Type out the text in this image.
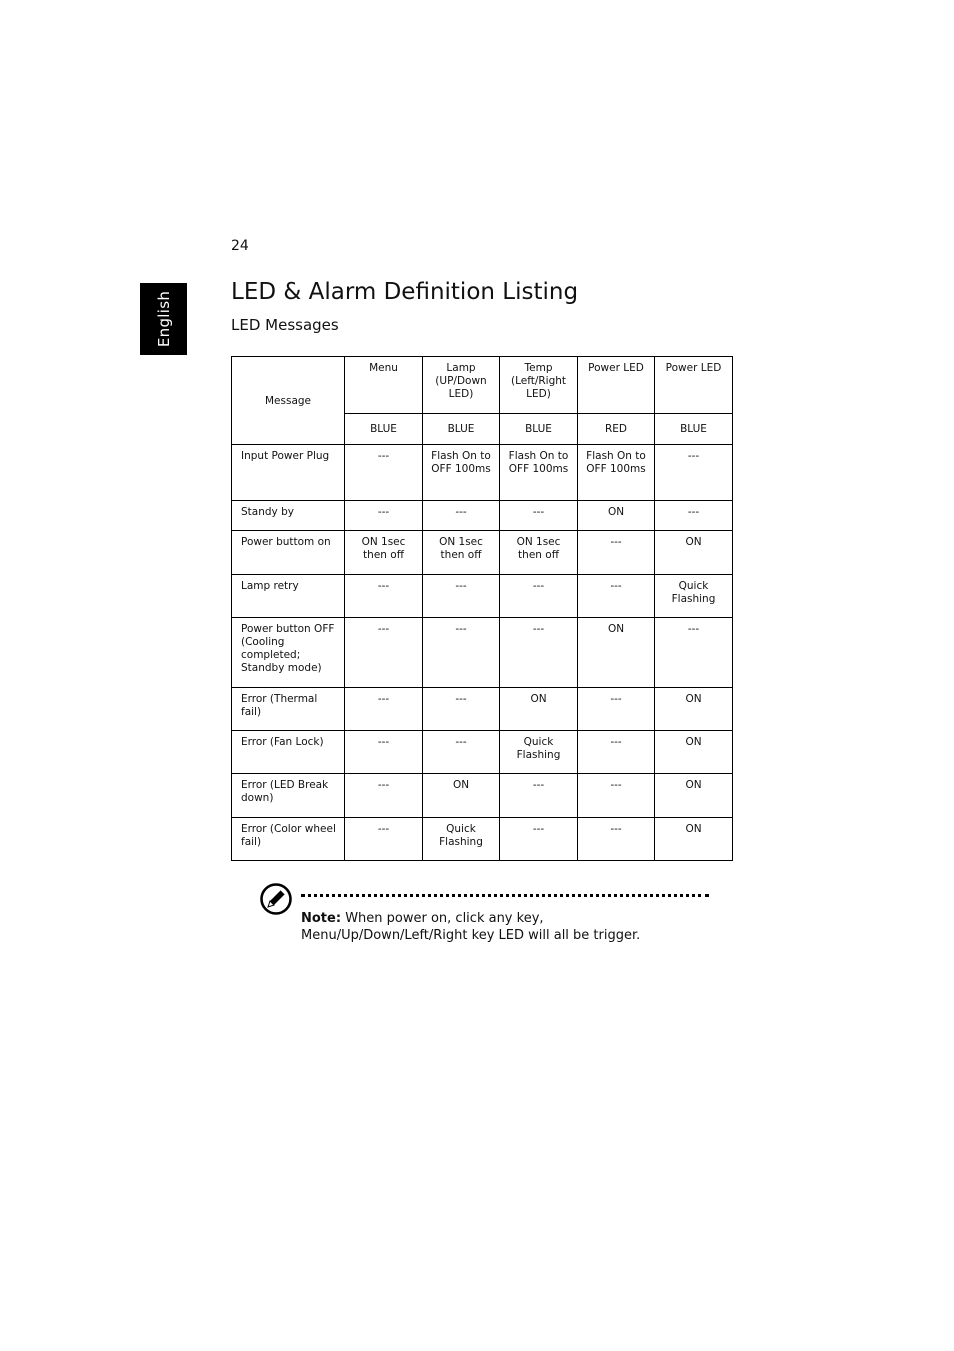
24
English	LED & Alarm Definition Listing
LED Messages
Message	Menu	Lamp (UP/Down LED)	Temp (Left/Right LED)	Power LED	Power LED
	BLUE	BLUE	BLUE	RED	BLUE
Input Power Plug	---	Flash On to OFF 100ms	Flash On to OFF 100ms	Flash On to OFF 100ms	---
Standy by	---	---	---	ON	---
Power buttom on	ON 1sec then off	ON 1sec then off	ON 1sec then off	---	ON
Lamp retry	---	---	---	---	Quick Flashing
Power button OFF (Cooling completed; Standby mode)	---	---	---	ON	---
Error (Thermal fail)	---	---	ON	---	ON
Error (Fan Lock)	---	---	Quick Flashing	---	ON
Error (LED Break down)	---	ON	---	---	ON
Error (Color wheel fail)	---	Quick Flashing	---	---	ON
Note: When power on, click any key, Menu/Up/Down/Left/Right key LED will all be trigger.
